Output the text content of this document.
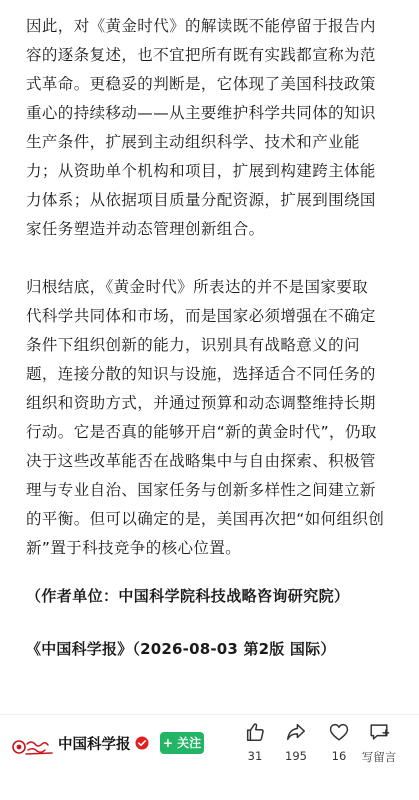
因此，对《黄金时代》的解读既不能停留于报告内
容的逐条复述，也不宜把所有既有实践都宣称为范
式革命。更稳妥的判断是，它体现了美国科技政策
重心的持续移动——从主要维护科学共同体的知识
生产条件，扩展到主动组织科学、技术和产业能
力；从资助单个机构和项目，扩展到构建跨主体能
力体系；从依据项目质量分配资源，扩展到围绕国
家任务塑造并动态管理创新组合。
归根结底，《黄金时代》所表达的并不是国家要取
代科学共同体和市场，而是国家必须增强在不确定
条件下组织创新的能力，识别具有战略意义的问
题，连接分散的知识与设施，选择适合不同任务的
组织和资助方式，并通过预算和动态调整维持长期
行动。它是否真的能够开启“新的黄金时代”，仍取
决于这些改革能否在战略集中与自由探索、积极管
理与专业自治、国家任务与创新多样性之间建立新
的平衡。但可以确定的是，美国再次把“如何组织创
新”置于科技竞争的核心位置。
（作者单位：中国科学院科技战略咨询研究院）
《中国科学报》（2026-08-03 第2版 国际）
中国科学报	+ 关注
31	195	16	写留言
